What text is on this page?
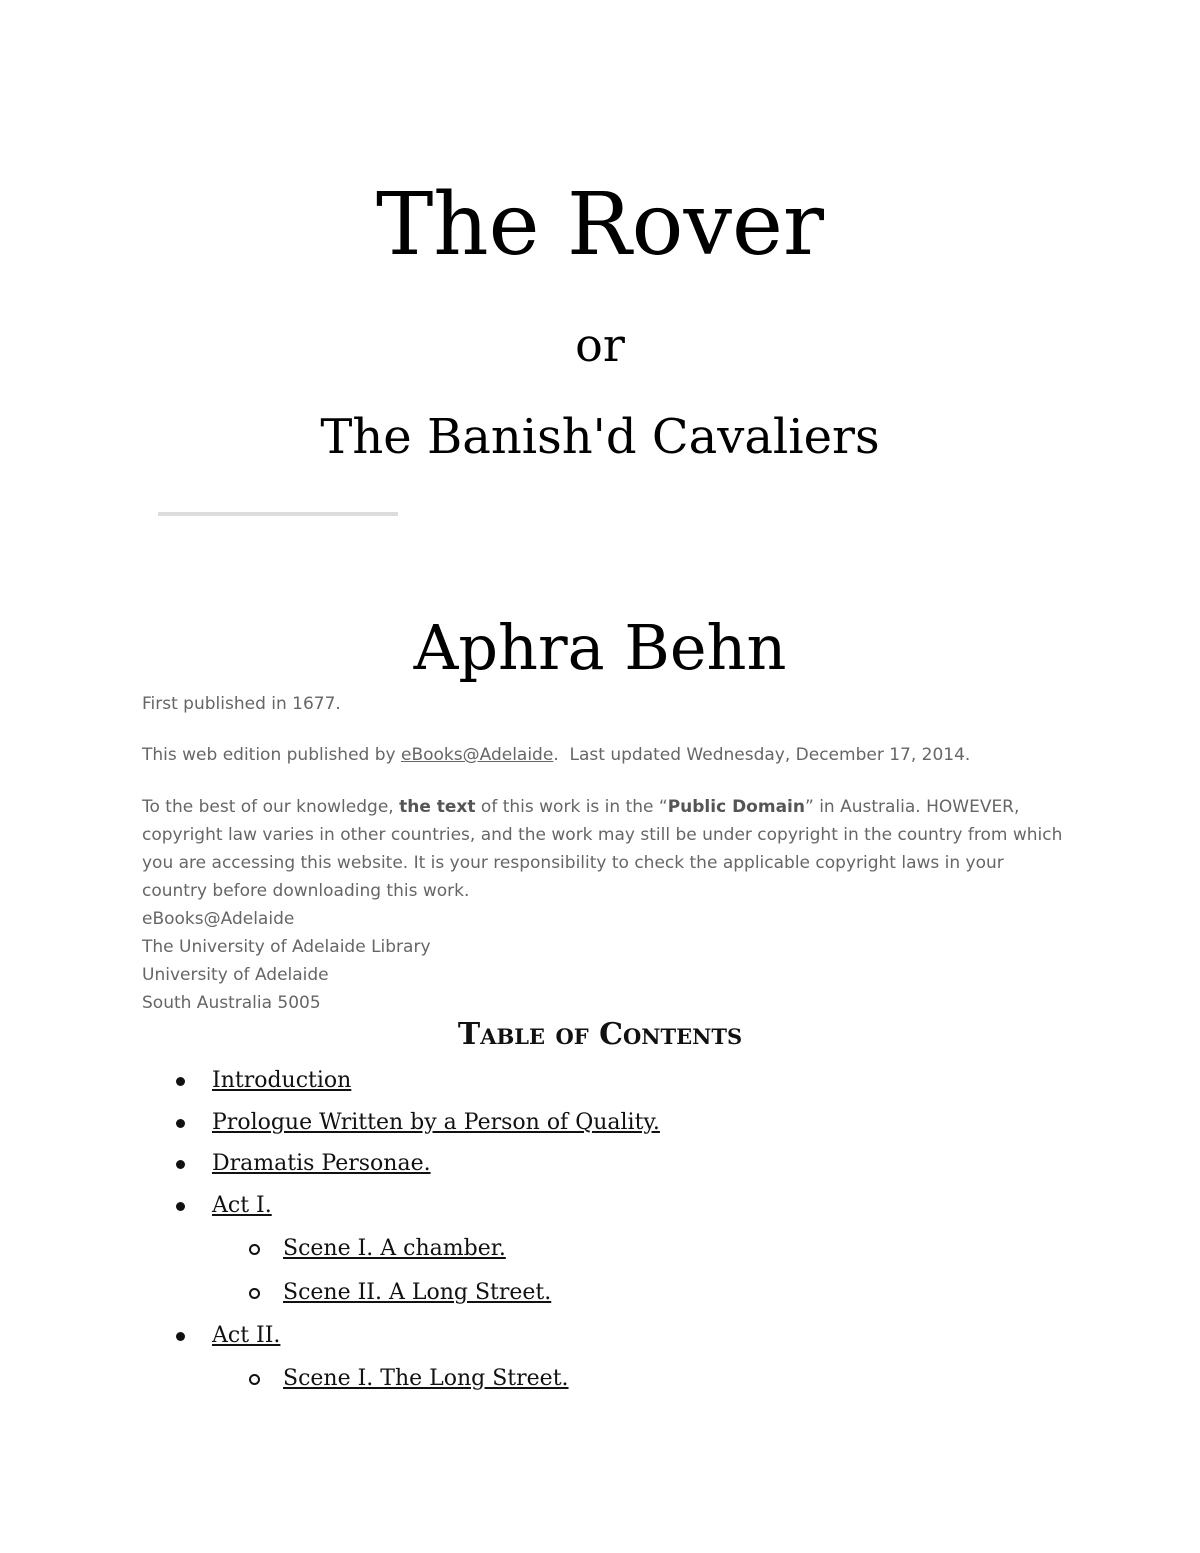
The Rover
or
The Banish'd Cavaliers
Aphra Behn
First published in 1677.
This web edition published by eBooks@Adelaide.  Last updated Wednesday, December 17, 2014.
To the best of our knowledge, the text of this work is in the “Public Domain” in Australia. HOWEVER, copyright law varies in other countries, and the work may still be under copyright in the country from which you are accessing this website. It is your responsibility to check the applicable copyright laws in your country before downloading this work.
eBooks@Adelaide
The University of Adelaide Library
University of Adelaide
South Australia 5005
Table of Contents
Introduction
Prologue Written by a Person of Quality.
Dramatis Personae.
Act I.
Scene I. A chamber.
Scene II. A Long Street.
Act II.
Scene I. The Long Street.
